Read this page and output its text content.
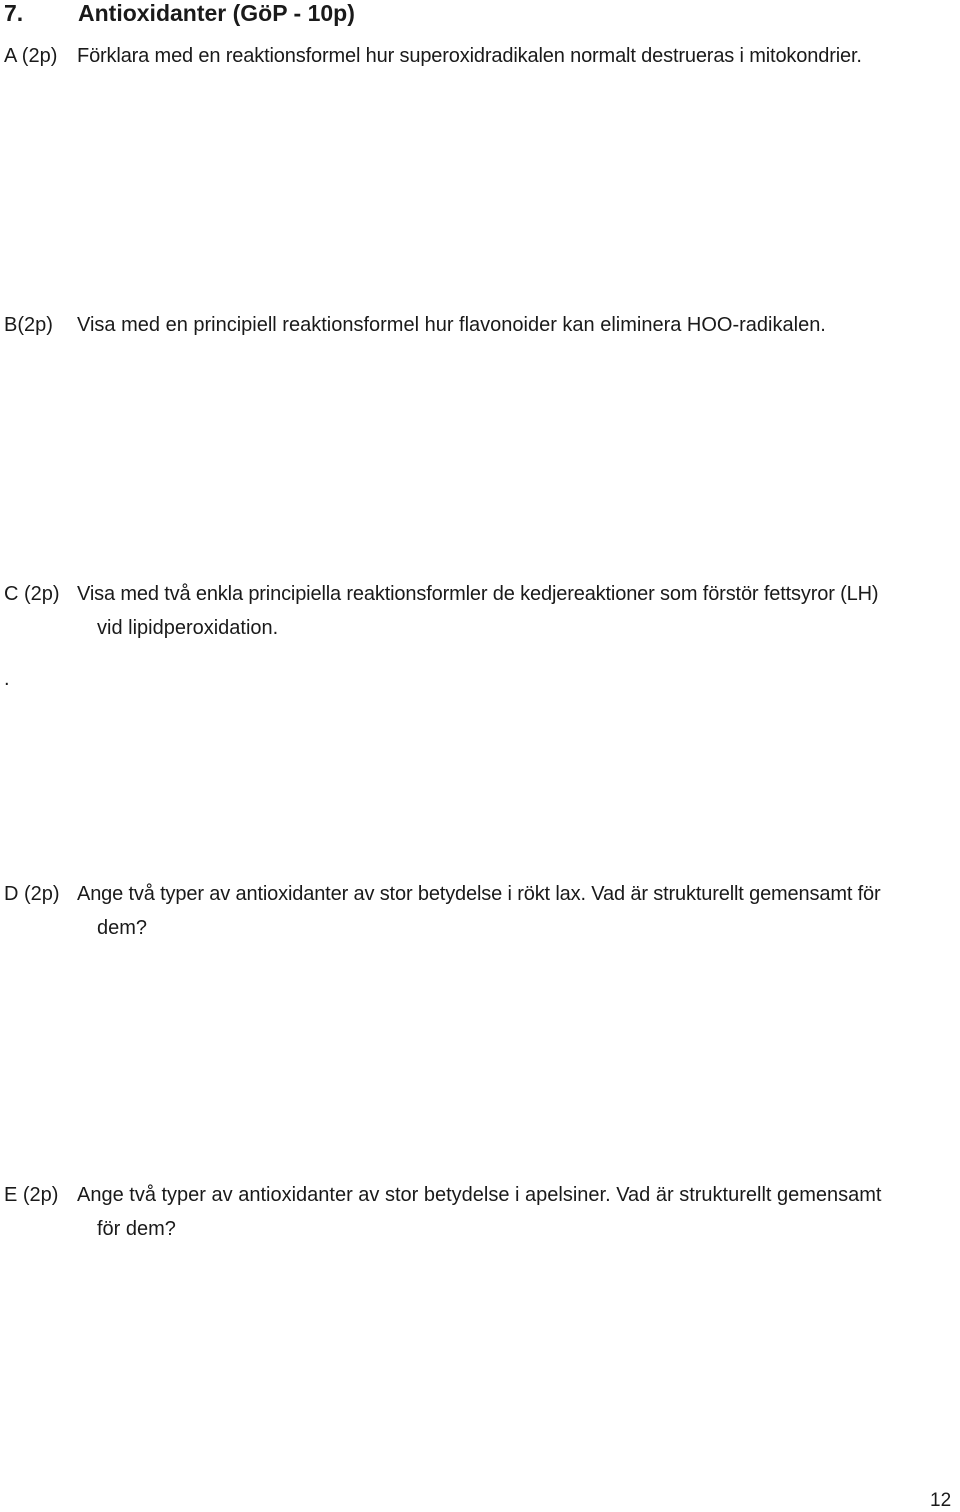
7. Antioxidanter (GöP - 10p)
A (2p) Förklara med en reaktionsformel hur superoxidradikalen normalt destrueras i mitokondrier.
B(2p) Visa med en principiell reaktionsformel hur flavonoider kan eliminera HOO-radikalen.
C (2p) Visa med två enkla principiella reaktionsformler de kedjereaktioner som förstör fettsyror (LH)
vid lipidperoxidation.
.
D (2p) Ange två typer av antioxidanter av stor betydelse i rökt lax. Vad är strukturellt gemensamt för
dem?
E (2p) Ange två typer av antioxidanter av stor betydelse i apelsiner. Vad är strukturellt gemensamt
för dem?
12
